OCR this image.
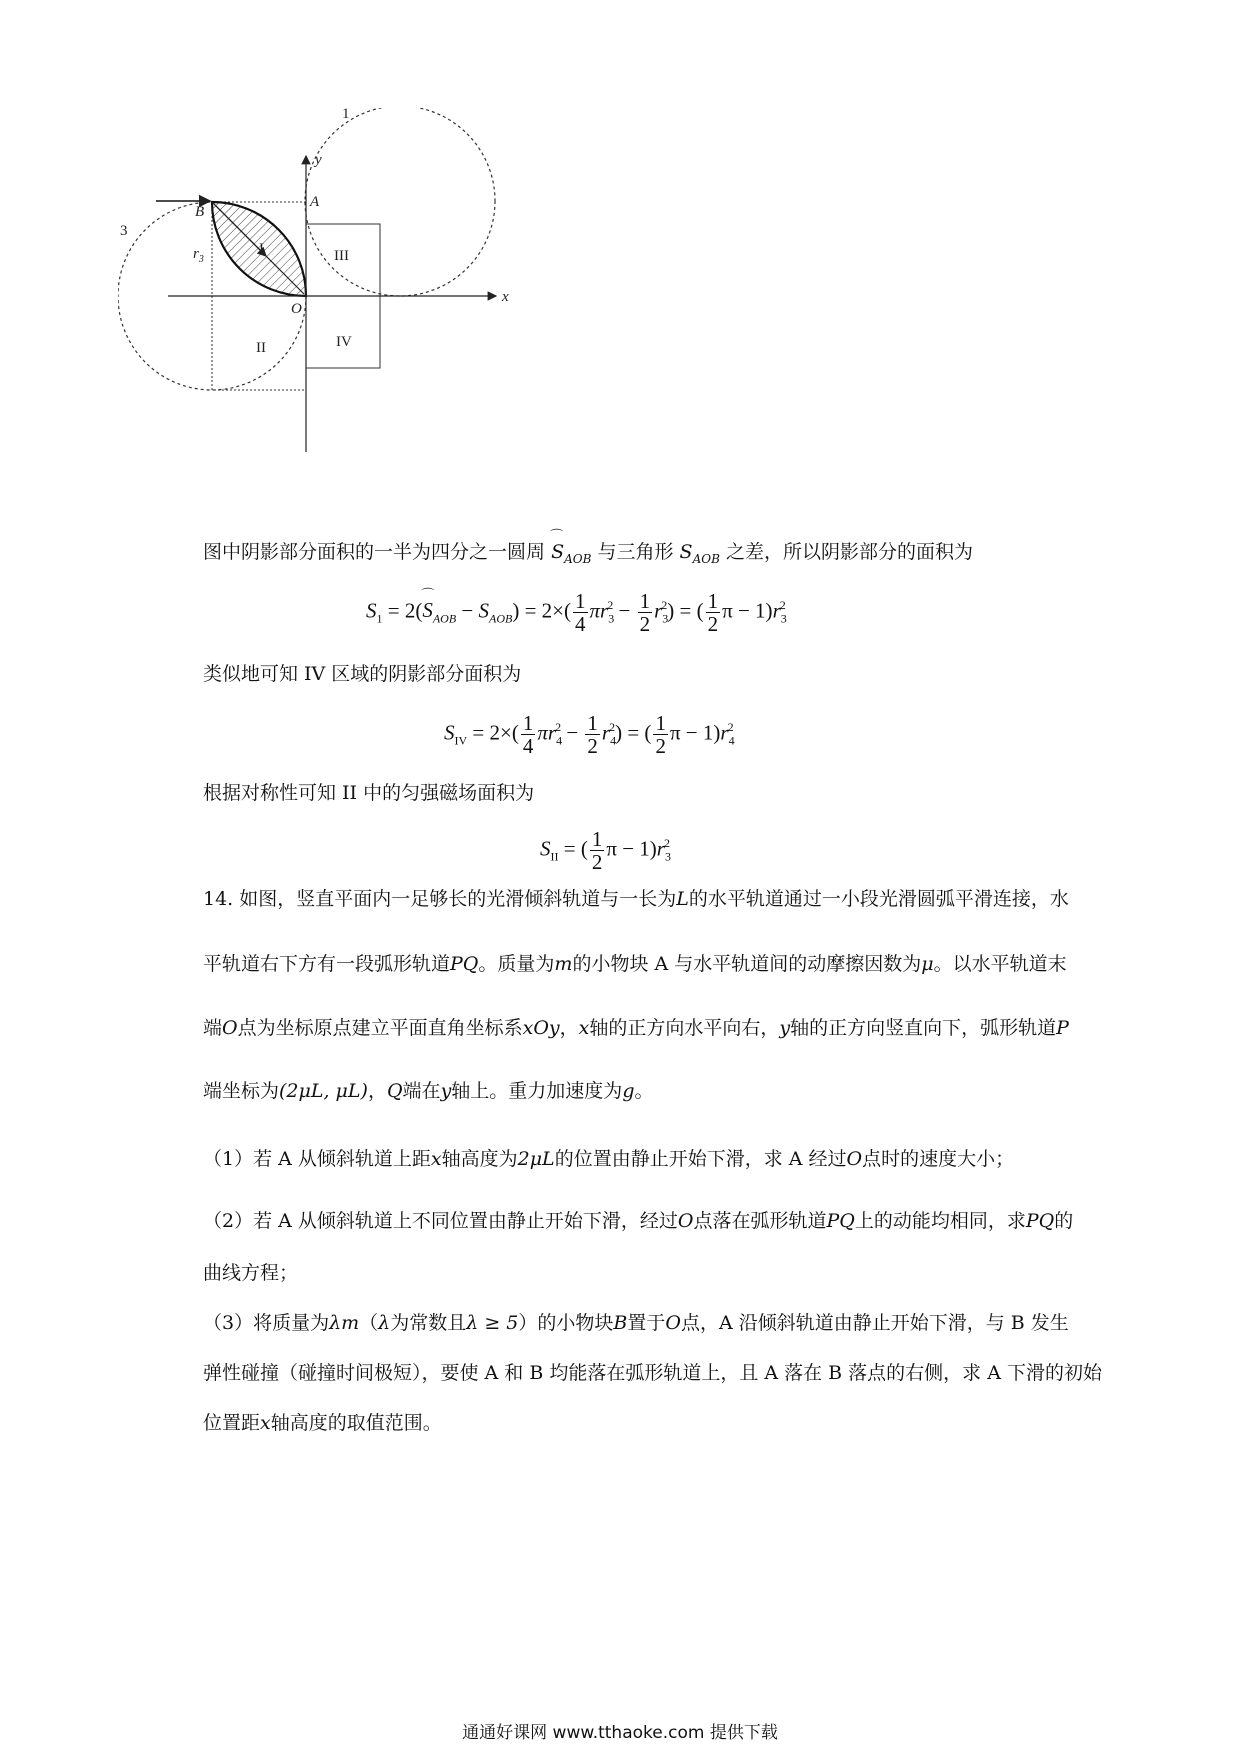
x
y
A
B
O
$r_3$
1
3
I
II
III
IV
图中阴影部分面积的一半为四分之一圆周 ⌒ $S_{AOB}$ 与三角形 $S_{AOB}$ 之差，所以阴影部分的面积为
$S_1$ = 2(⌒ $S_{AOB} - S_{AOB}) = 2\times( \frac{1}{4} \pi r_3^2 - \frac{1}{2} r_3^2)$ = ( $\frac{1}{2}$ $\pi - 1)r_3^2$
类似地可知 IV 区域的阴影部分面积为
$S_{IV} = 2\times( \frac{1}{4} \pi r_4^2 - \frac{1}{2} r_4^2)$ = ( $\frac{1}{2}$ $\pi - 1)r_4^2$
根据对称性可知 II 中的匀强磁场面积为
$S_{II}$ = ( $\frac{1}{2}$ $\pi - 1)r_3^2$
14. 如图，竖直平面内一足够长的光滑倾斜轨道与一长为L的水平轨道通过一小段光滑圆弧平滑连接，水
平轨道右下方有一段弧形轨道PQ。质量为m的小物块 A 与水平轨道间的动摩擦因数为μ。以水平轨道末
端O点为坐标原点建立平面直角坐标系xOy，x轴的正方向水平向右，y轴的正方向竖直向下，弧形轨道P
端坐标为(2μL, μL)，Q端在y轴上。重力加速度为g。
（1）若 A 从倾斜轨道上距x轴高度为2μL的位置由静止开始下滑，求 A 经过O点时的速度大小；
（2）若 A 从倾斜轨道上不同位置由静止开始下滑，经过O点落在弧形轨道PQ上的动能均相同，求PQ的
曲线方程；
（3）将质量为λm（λ为常数且λ ≥ 5）的小物块B置于O点，A 沿倾斜轨道由静止开始下滑，与 B 发生
弹性碰撞（碰撞时间极短），要使 A 和 B 均能落在弧形轨道上，且 A 落在 B 落点的右侧，求 A 下滑的初始
位置距x轴高度的取值范围。
通通好课网 www.tthaoke.com 提供下载
